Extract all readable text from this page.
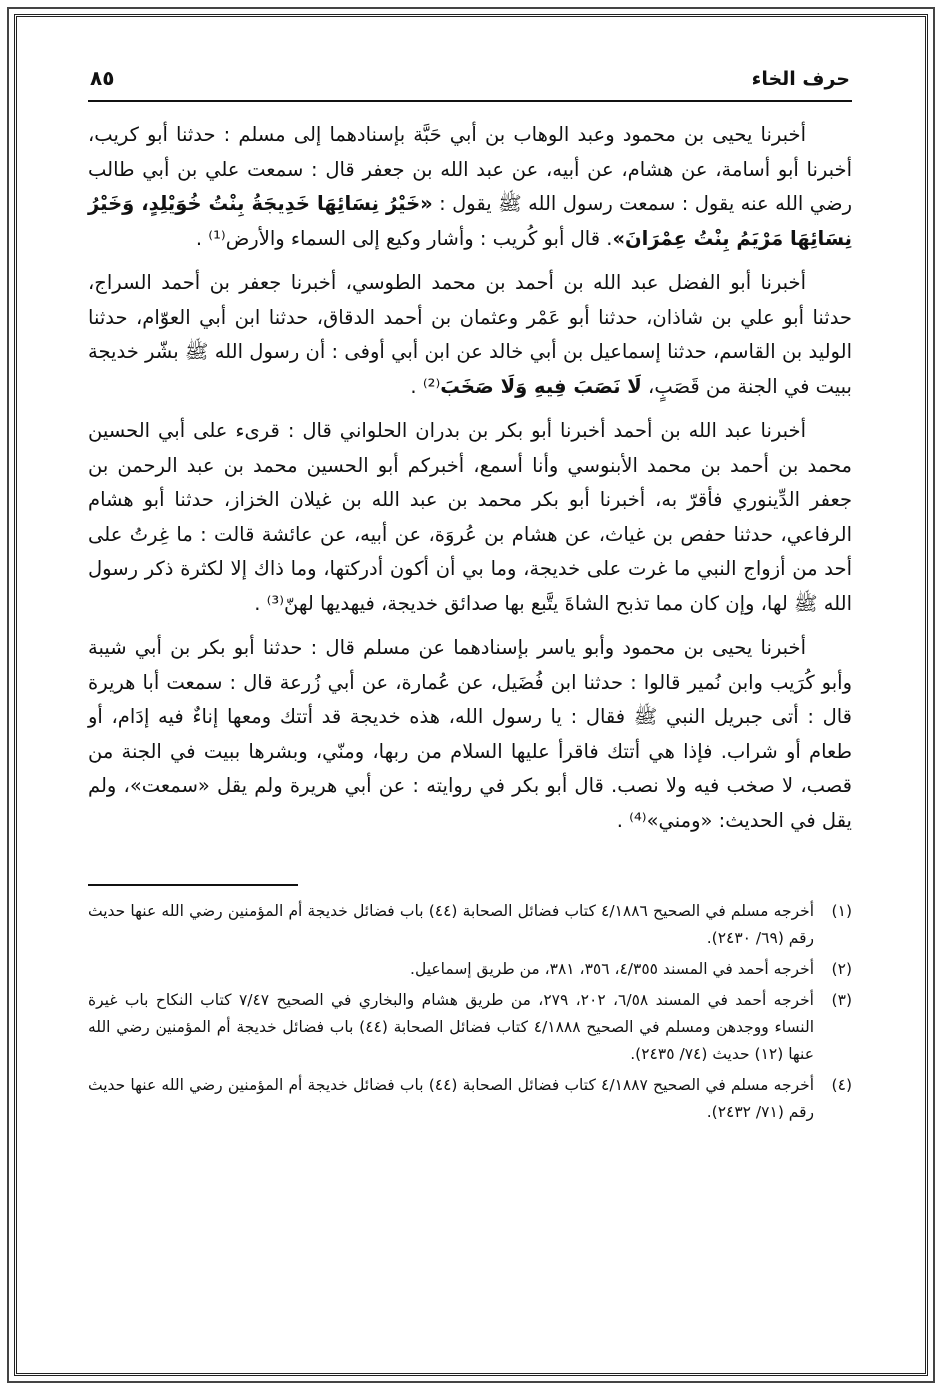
حرف الخاء
٨٥

أخبرنا يحيى بن محمود وعبد الوهاب بن أبي حَبَّة بإسنادهما إلى مسلم : حدثنا أبو كريب، أخبرنا أبو أسامة، عن هشام، عن أبيه، عن عبد الله بن جعفر قال : سمعت علي بن أبي طالب رضي الله عنه يقول : سمعت رسول الله ﷺ يقول : «خَيْرُ نِسَائِهَا خَدِيجَةُ بِنْتُ خُوَيْلِدٍ، وَخَيْرُ نِسَائِهَا مَرْيَمُ بِنْتُ عِمْرَانَ». قال أبو كُريب : وأشار وكيع إلى السماء والأرض⁽¹⁾ .

أخبرنا أبو الفضل عبد الله بن أحمد بن محمد الطوسي، أخبرنا جعفر بن أحمد السراج، حدثنا أبو علي بن شاذان، حدثنا أبو عَمْر وعثمان بن أحمد الدقاق، حدثنا ابن أبي العوّام، حدثنا الوليد بن القاسم، حدثنا إسماعيل بن أبي خالد عن ابن أبي أوفى : أن رسول الله ﷺ بشّر خديجة ببيت في الجنة من قَصَبٍ، لَا نَصَبَ فِيهِ وَلَا صَخَبَ⁽²⁾ .

أخبرنا عبد الله بن أحمد أخبرنا أبو بكر بن بدران الحلواني قال : قرىء على أبي الحسين محمد بن أحمد بن محمد الأبنوسي وأنا أسمع، أخبركم أبو الحسين محمد بن عبد الرحمن بن جعفر الدِّينوري فأقرّ به، أخبرنا أبو بكر محمد بن عبد الله بن غيلان الخزاز، حدثنا أبو هشام الرفاعي، حدثنا حفص بن غياث، عن هشام بن عُروَة، عن أبيه، عن عائشة قالت : ما غِرتُ على أحد من أزواج النبي ما غرت على خديجة، وما بي أن أكون أدركتها، وما ذاك إلا لكثرة ذكر رسول الله ﷺ لها، وإن كان مما تذبح الشاةَ يتَّبع بها صدائق خديجة، فيهديها لهنّ⁽³⁾ .

أخبرنا يحيى بن محمود وأبو ياسر بإسنادهما عن مسلم قال : حدثنا أبو بكر بن أبي شيبة وأبو كُرَيب وابن نُمير قالوا : حدثنا ابن فُضَيل، عن عُمارة، عن أبي زُرعة قال : سمعت أبا هريرة قال : أتى جبريل النبي ﷺ فقال : يا رسول الله، هذه خديجة قد أتتك ومعها إناءٌ فيه إدَام، أو طعام أو شراب. فإذا هي أتتك فاقرأ عليها السلام من ربها، ومنّي، وبشرها ببيت في الجنة من قصب، لا صخب فيه ولا نصب. قال أبو بكر في روايته : عن أبي هريرة ولم يقل «سمعت»، ولم يقل في الحديث: «ومني»⁽⁴⁾ .

(١)
أخرجه مسلم في الصحيح ٤/١٨٨٦ كتاب فضائل الصحابة (٤٤) باب فضائل خديجة أم المؤمنين رضي الله عنها حديث رقم (٦٩/ ٢٤٣٠).
(٢)
أخرجه أحمد في المسند ٤/٣٥٥، ٣٥٦، ٣٨١، من طريق إسماعيل.
(٣)
أخرجه أحمد في المسند ٦/٥٨، ٢٠٢، ٢٧٩، من طريق هشام والبخاري في الصحيح ٧/٤٧ كتاب النكاح باب غيرة النساء ووجدهن ومسلم في الصحيح ٤/١٨٨٨ كتاب فضائل الصحابة (٤٤) باب فضائل خديجة أم المؤمنين رضي الله عنها (١٢) حديث (٧٤/ ٢٤٣٥).
(٤)
أخرجه مسلم في الصحيح ٤/١٨٨٧ كتاب فضائل الصحابة (٤٤) باب فضائل خديجة أم المؤمنين رضي الله عنها حديث رقم (٧١/ ٢٤٣٢).
